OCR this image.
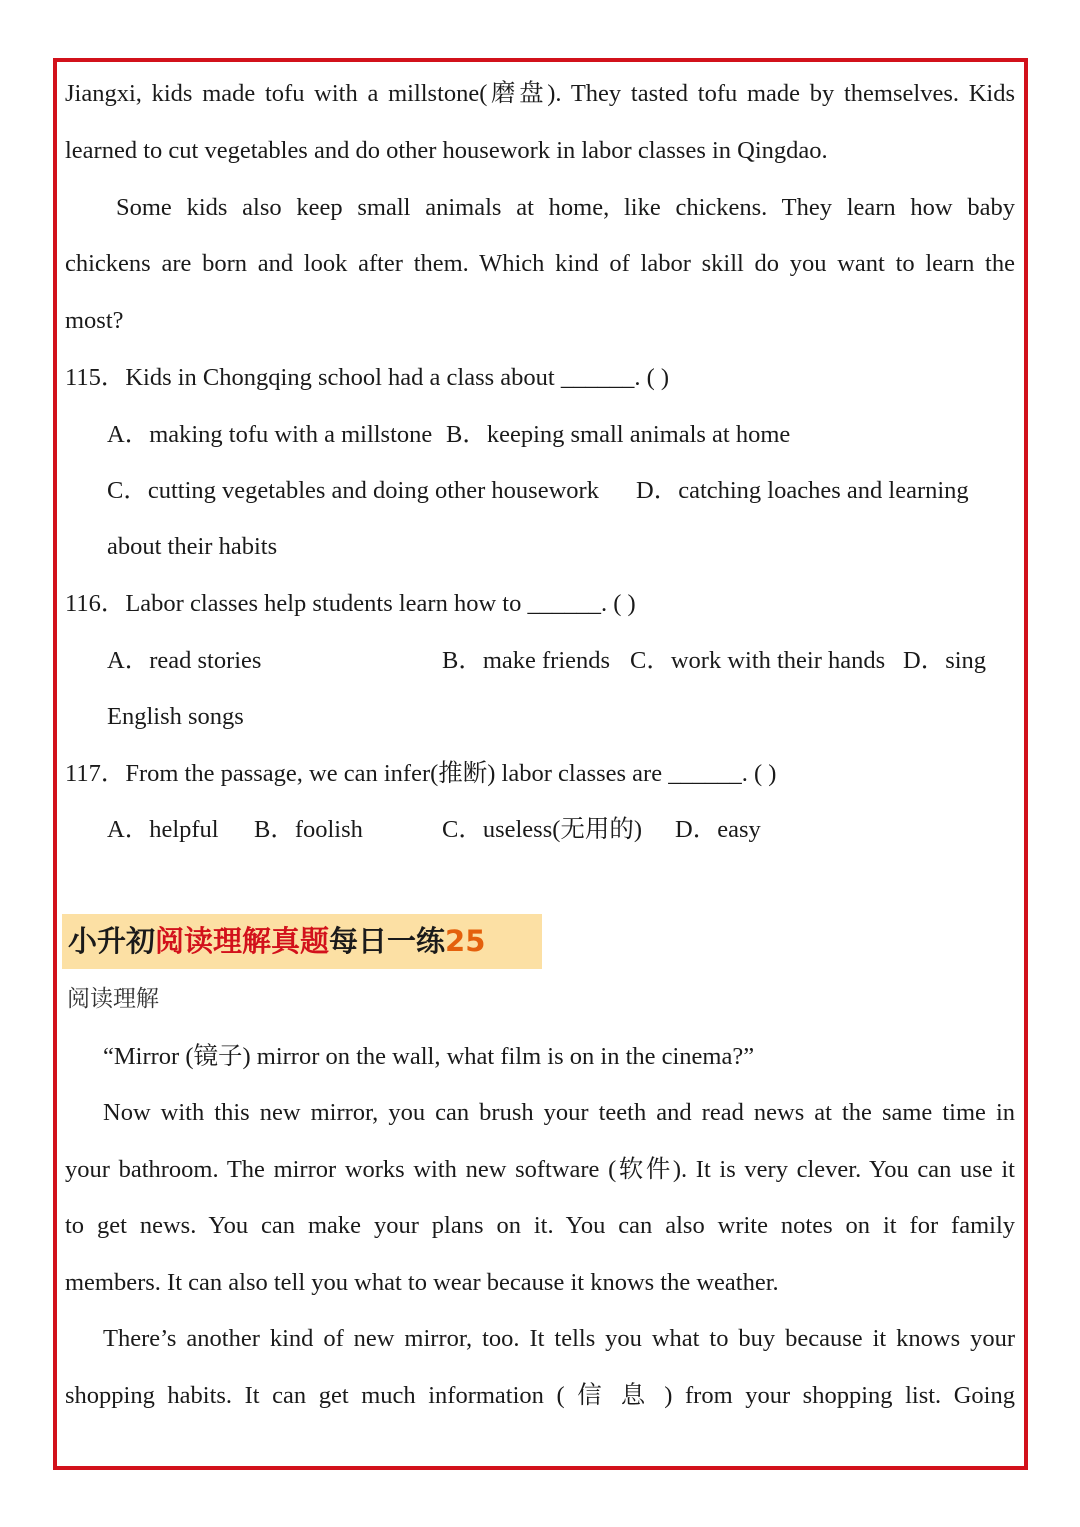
Jiangxi, kids made tofu with a millstone(磨盘). They tasted tofu made by themselves. Kids
learned to cut vegetables and do other housework in labor classes in Qingdao.
Some kids also keep small animals at home, like chickens. They learn how baby
chickens are born and look after them. Which kind of labor skill do you want to learn the
most?
115．Kids in Chongqing school had a class about ______. ( )
A．making tofu with a millstone B．keeping small animals at home
C．cutting vegetables and doing other housework D．catching loaches and learning
about their habits
116．Labor classes help students learn how to ______. ( )
A．read stories	B．make friends C．work with their hands D．sing
English songs
117．From the passage, we can infer(推断) labor classes are ______. ( )
A．helpful B．foolish	C．useless(无用的) D．easy
小升初阅读理解真题每日一练25
阅读理解
“Mirror (镜子) mirror on the wall, what film is on in the cinema?”
Now with this new mirror, you can brush your teeth and read news at the same time in
your bathroom. The mirror works with new software (软件). It is very clever. You can use it
to get news. You can make your plans on it. You can also write notes on it for family
members. It can also tell you what to wear because it knows the weather.
There’s another kind of new mirror, too. It tells you what to buy because it knows your
shopping habits. It can get much information ( 信 息 ) from your shopping list. Going
